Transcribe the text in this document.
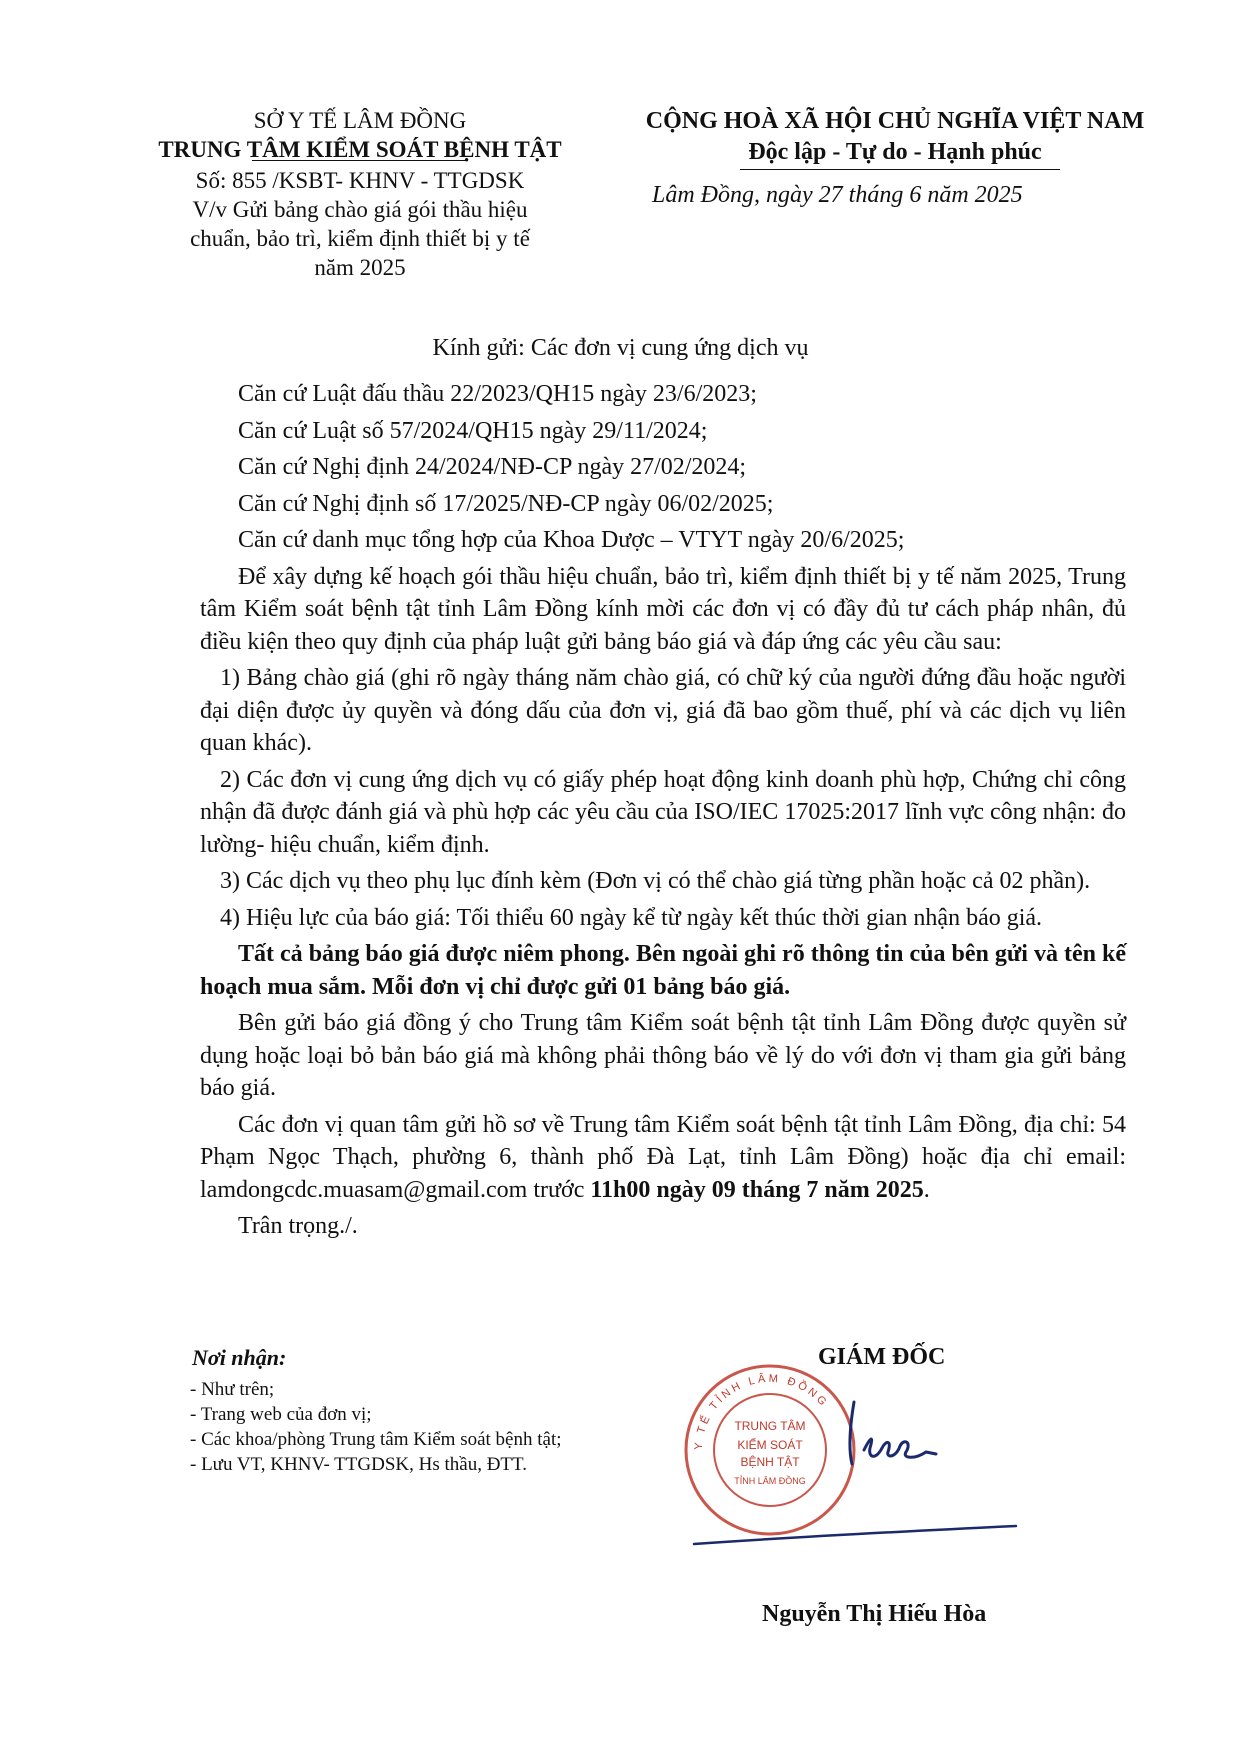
SỞ Y TẾ LÂM ĐỒNG
TRUNG TÂM KIỂM SOÁT BỆNH TẬT
Số: 855 /KSBT- KHNV - TTGDSK
V/v Gửi bảng chào giá gói thầu hiệu
chuẩn, bảo trì, kiểm định thiết bị y tế
năm 2025
CỘNG HOÀ XÃ HỘI CHỦ NGHĨA VIỆT NAM
Độc lập - Tự do - Hạnh phúc
Lâm Đồng, ngày 27 tháng 6 năm 2025
Kính gửi: Các đơn vị cung ứng dịch vụ

Căn cứ Luật đấu thầu 22/2023/QH15 ngày 23/6/2023;

Căn cứ Luật số 57/2024/QH15 ngày 29/11/2024;

Căn cứ Nghị định 24/2024/NĐ-CP ngày 27/02/2024;

Căn cứ Nghị định số 17/2025/NĐ-CP ngày 06/02/2025;

Căn cứ danh mục tổng hợp của Khoa Dược – VTYT ngày 20/6/2025;

Để xây dựng kế hoạch gói thầu hiệu chuẩn, bảo trì, kiểm định thiết bị y tế năm 2025, Trung tâm Kiểm soát bệnh tật tỉnh Lâm Đồng kính mời các đơn vị có đầy đủ tư cách pháp nhân, đủ điều kiện theo quy định của pháp luật gửi bảng báo giá và đáp ứng các yêu cầu sau:

1) Bảng chào giá (ghi rõ ngày tháng năm chào giá, có chữ ký của người đứng đầu hoặc người đại diện được ủy quyền và đóng dấu của đơn vị, giá đã bao gồm thuế, phí và các dịch vụ liên quan khác).

2) Các đơn vị cung ứng dịch vụ có giấy phép hoạt động kinh doanh phù hợp, Chứng chỉ công nhận đã được đánh giá và phù hợp các yêu cầu của ISO/IEC 17025:2017 lĩnh vực công nhận: đo lường- hiệu chuẩn, kiểm định.

3) Các dịch vụ theo phụ lục đính kèm (Đơn vị có thể chào giá từng phần hoặc cả 02 phần).

4) Hiệu lực của báo giá: Tối thiểu 60 ngày kể từ ngày kết thúc thời gian nhận báo giá.

Tất cả bảng báo giá được niêm phong. Bên ngoài ghi rõ thông tin của bên gửi và tên kế hoạch mua sắm. Mỗi đơn vị chỉ được gửi 01 bảng báo giá.

Bên gửi báo giá đồng ý cho Trung tâm Kiểm soát bệnh tật tỉnh Lâm Đồng được quyền sử dụng hoặc loại bỏ bản báo giá mà không phải thông báo về lý do với đơn vị tham gia gửi bảng báo giá.

Các đơn vị quan tâm gửi hồ sơ về Trung tâm Kiểm soát bệnh tật tỉnh Lâm Đồng, địa chỉ: 54 Phạm Ngọc Thạch, phường 6, thành phố Đà Lạt, tỉnh Lâm Đồng) hoặc địa chỉ email: lamdongcdc.muasam@gmail.com trước 11h00 ngày 09 tháng 7 năm 2025.

Trân trọng./.

Nơi nhận:
- Như trên;
- Trang web của đơn vị;
- Các khoa/phòng Trung tâm Kiểm soát bệnh tật;
- Lưu VT, KHNV- TTGDSK, Hs thầu, ĐTT.
GIÁM ĐỐC
TRUNG TÂM
KIỂM SOÁT
BỆNH TẬT
TỈNH LÂM ĐỒNG
Y TẾ TỈNH LÂM ĐỒNG
Nguyễn Thị Hiếu Hòa
